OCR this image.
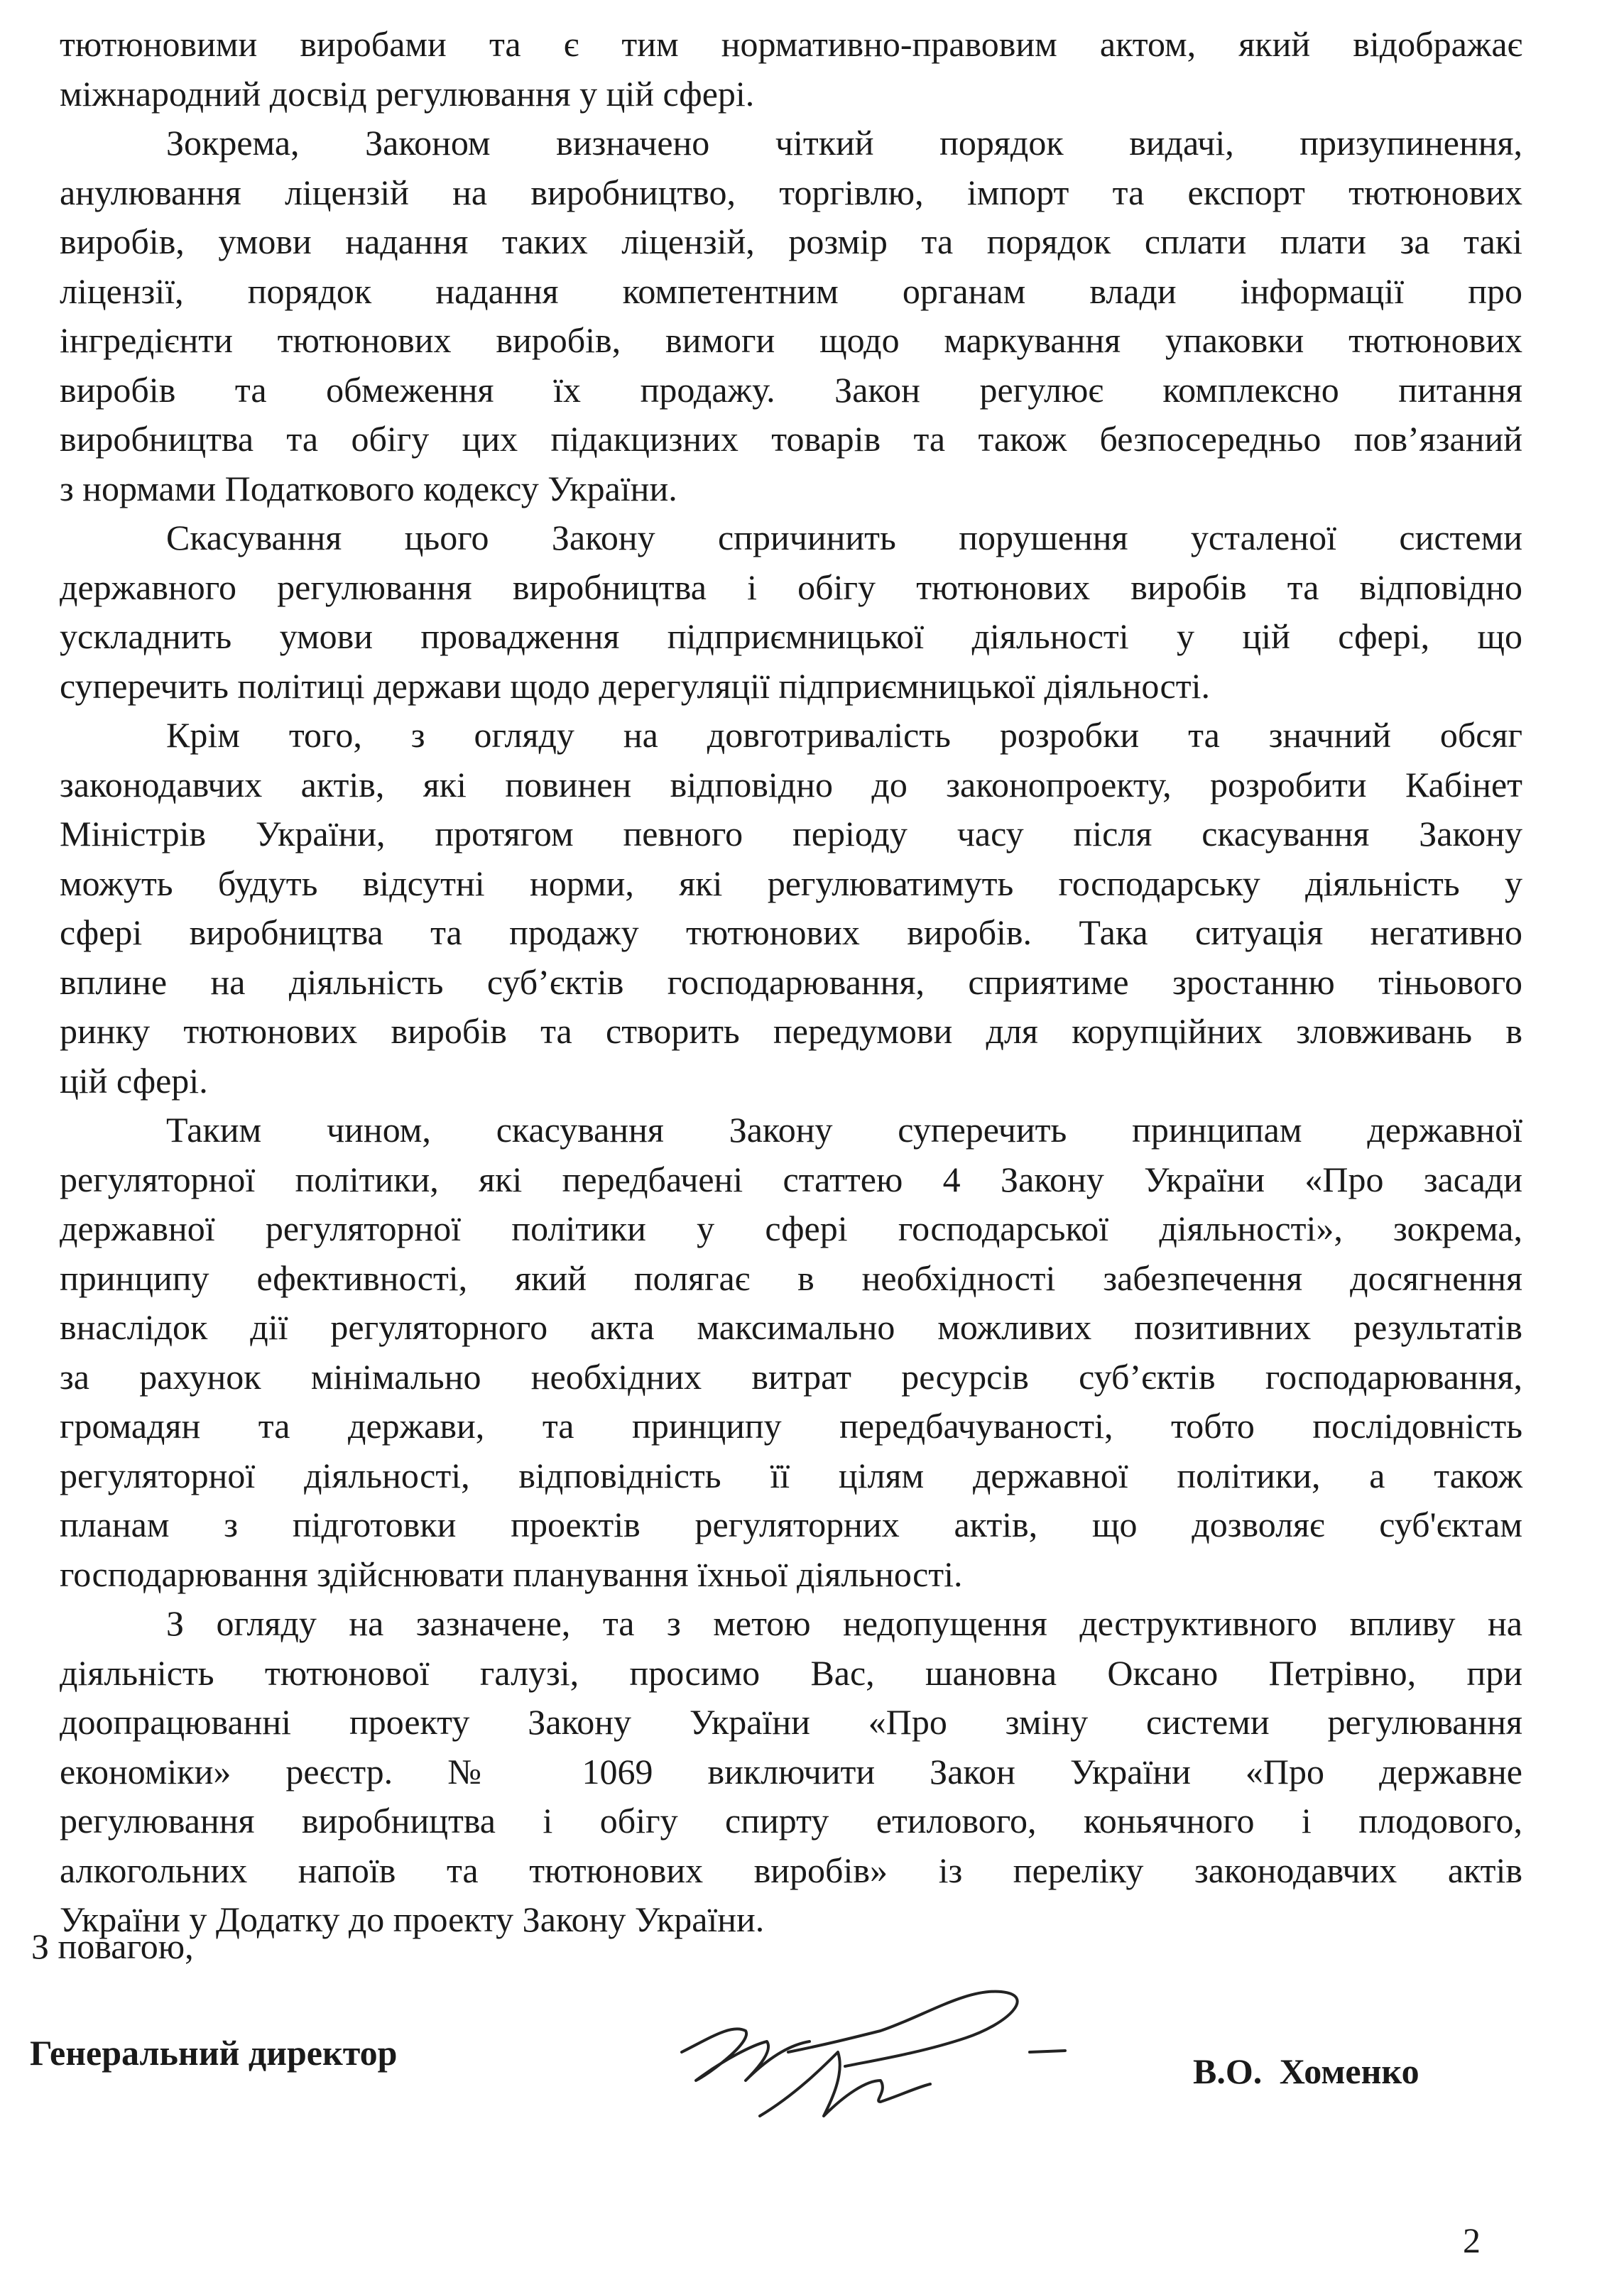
тютюновими виробами та є тим нормативно-правовим актом, який відображає
міжнародний досвід регулювання у цій сфері.
Зокрема, Законом визначено чіткий порядок видачі, призупинення,
анулювання ліцензій на виробництво, торгівлю, імпорт та експорт тютюнових
виробів, умови надання таких ліцензій, розмір та порядок сплати плати за такі
ліцензії, порядок надання компетентним органам влади інформації про
інгредієнти тютюнових виробів, вимоги щодо маркування упаковки тютюнових
виробів та обмеження їх продажу. Закон регулює комплексно питання
виробництва та обігу цих підакцизних товарів та також безпосередньо пов’язаний
з нормами Податкового кодексу України.
Скасування цього Закону спричинить порушення усталеної системи
державного регулювання виробництва і обігу тютюнових виробів та відповідно
ускладнить умови провадження підприємницької діяльності у цій сфері, що
суперечить політиці держави щодо дерегуляції підприємницької діяльності.
Крім того, з огляду на довготривалість розробки та значний обсяг
законодавчих актів, які повинен відповідно до законопроекту, розробити Кабінет
Міністрів України, протягом певного періоду часу після скасування Закону
можуть будуть відсутні норми, які регулюватимуть господарську діяльність у
сфері виробництва та продажу тютюнових виробів. Така ситуація негативно
вплине на діяльність суб’єктів господарювання, сприятиме зростанню тіньового
ринку тютюнових виробів та створить передумови для корупційних зловживань в
цій сфері.
Таким чином, скасування Закону суперечить принципам державної
регуляторної політики, які передбачені статтею 4 Закону України «Про засади
державної регуляторної політики у сфері господарської діяльності», зокрема,
принципу ефективності, який полягає в необхідності забезпечення досягнення
внаслідок дії регуляторного акта максимально можливих позитивних результатів
за рахунок мінімально необхідних витрат ресурсів суб’єктів господарювання,
громадян та держави, та принципу передбачуваності, тобто послідовність
регуляторної діяльності, відповідність її цілям державної політики, а також
планам з підготовки проектів регуляторних актів, що дозволяє суб'єктам
господарювання здійснювати планування їхньої діяльності.
З огляду на зазначене, та з метою недопущення деструктивного впливу на
діяльність тютюнової галузі, просимо Вас, шановна Оксано Петрівно, при
доопрацюванні проекту Закону України «Про зміну системи регулювання
економіки» реєстр. № 1069 виключити Закон України «Про державне
регулювання виробництва і обігу спирту етилового, коньячного і плодового,
алкогольних напоїв та тютюнових виробів» із переліку законодавчих актів
України у Додатку до проекту Закону України.
З повагою,
Генеральний директор	В.О. Хоменко
2
